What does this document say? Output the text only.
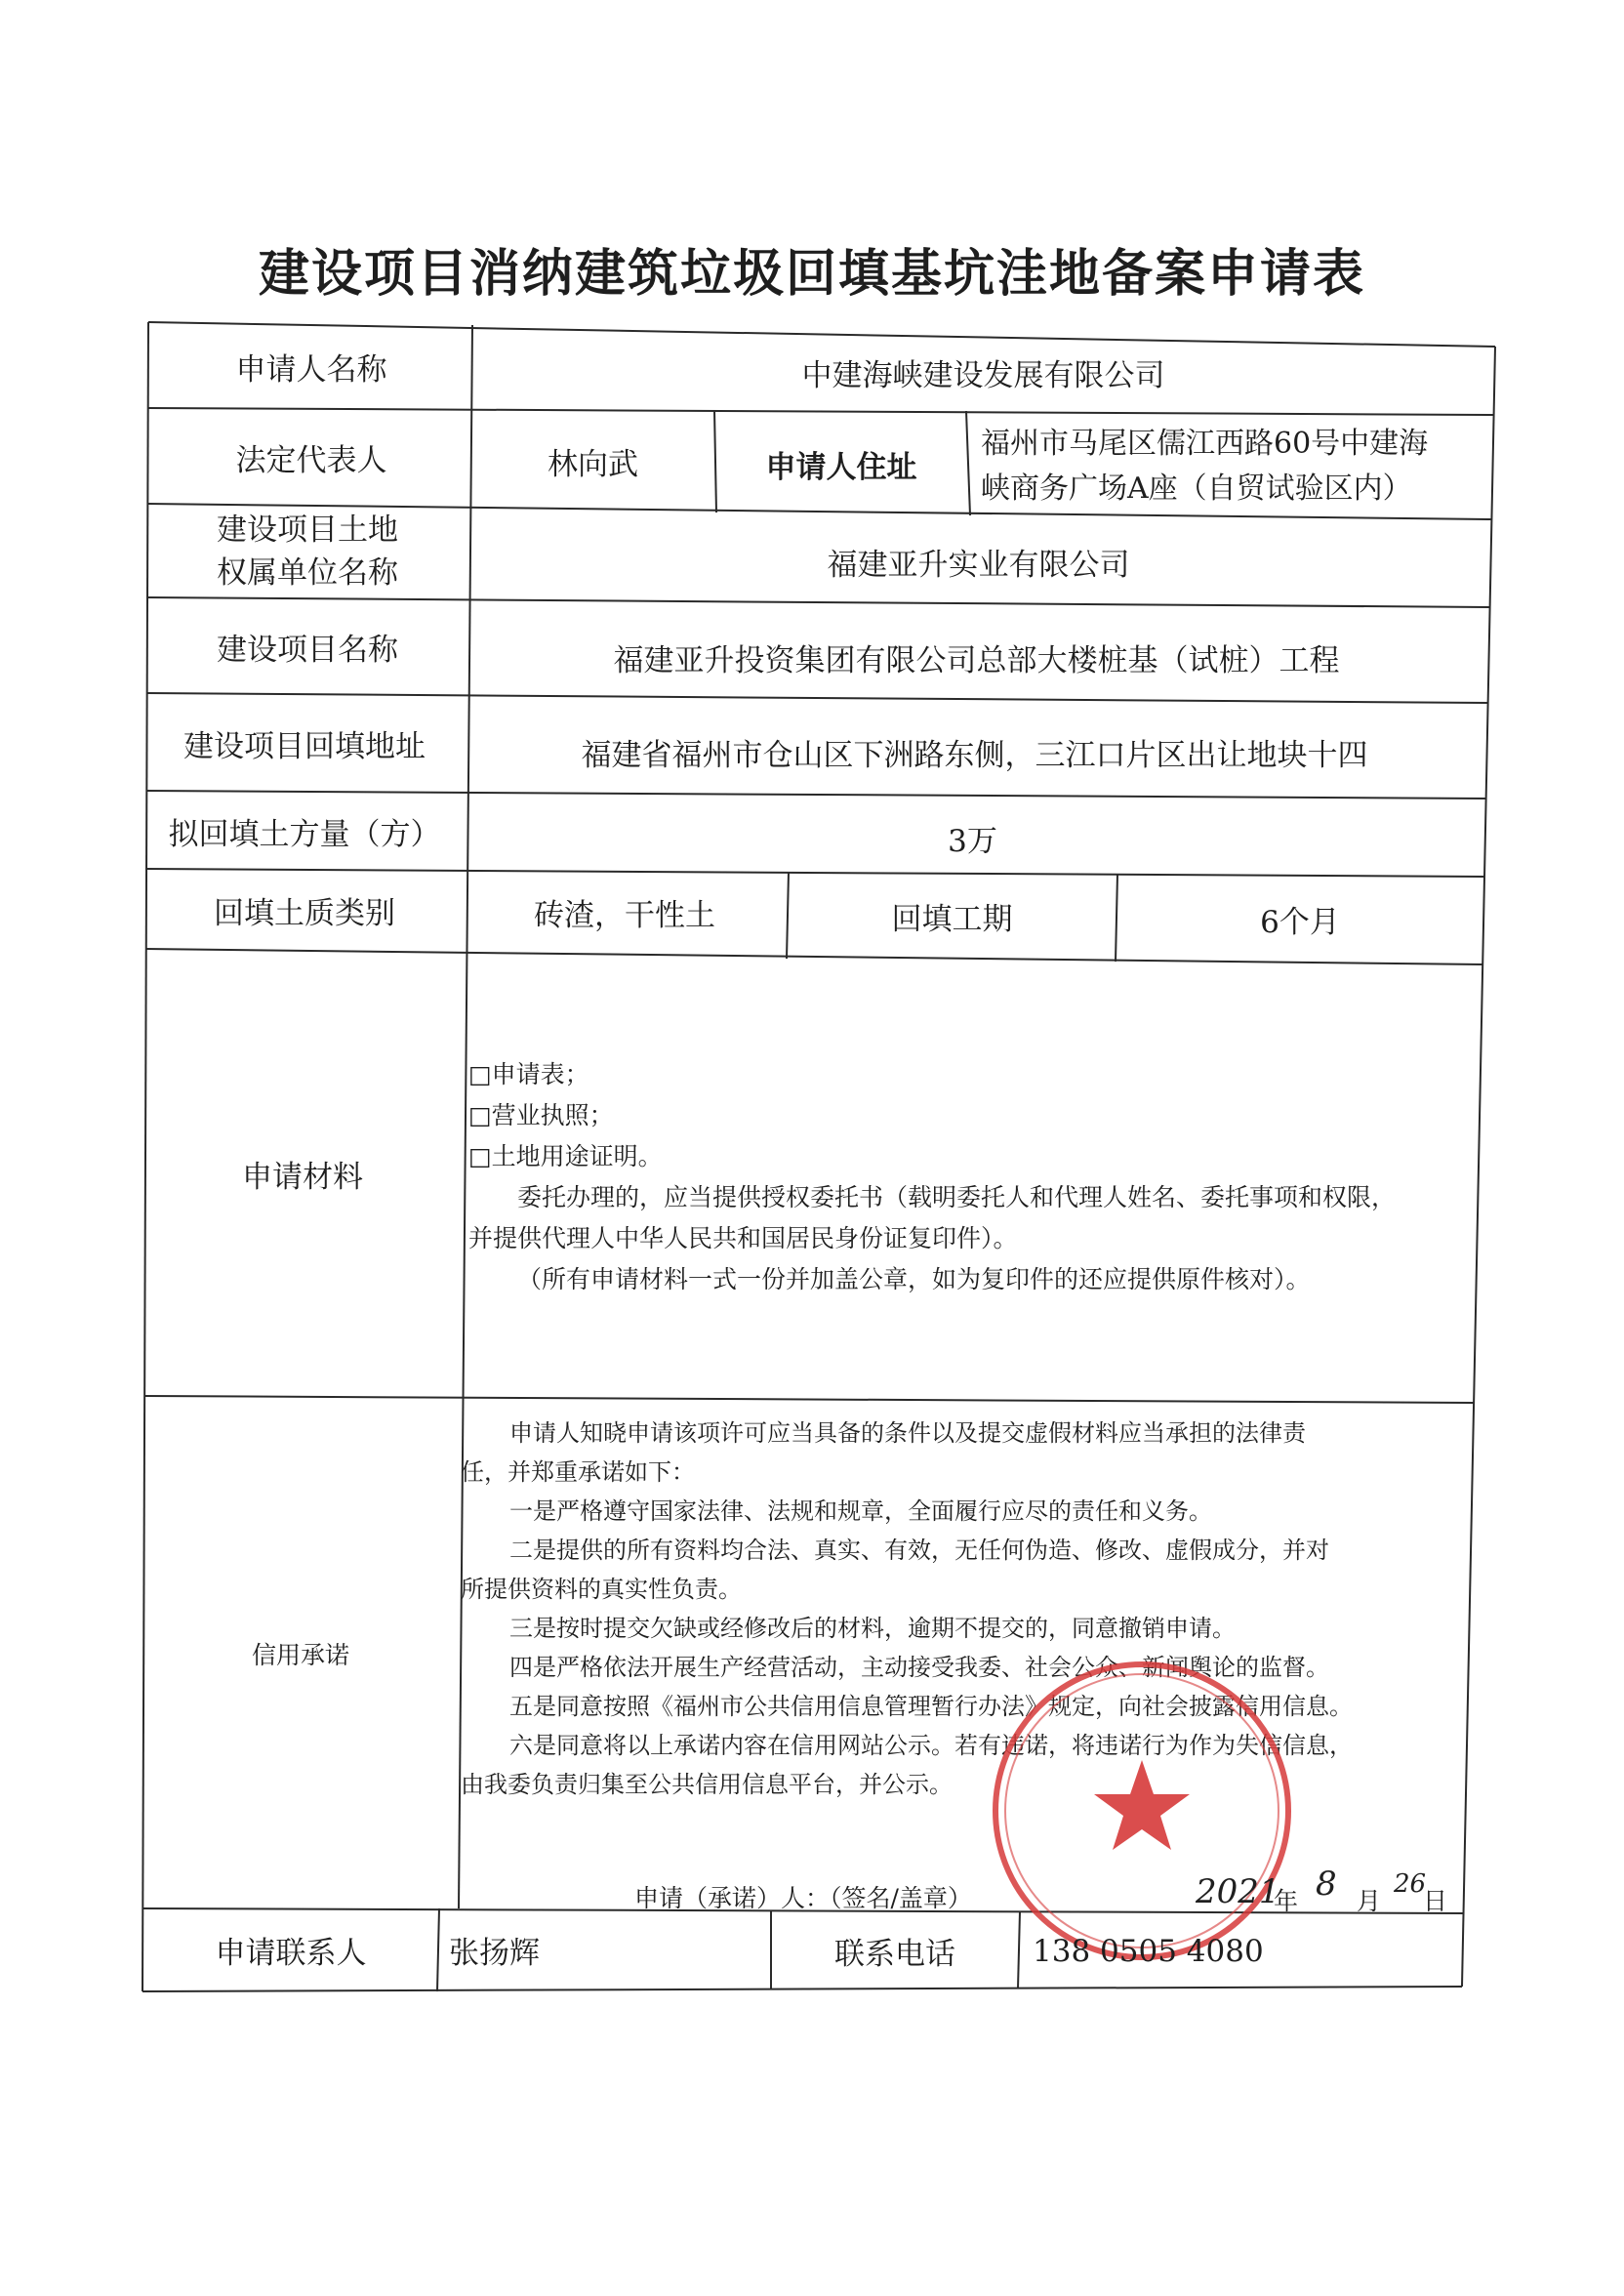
建设项目消纳建筑垃圾回填基坑洼地备案申请表
申请人名称	中建海峡建设发展有限公司
法定代表人	林向武	申请人住址
福州市马尾区儒江西路60号中建海
峡商务广场A座（自贸试验区内）
建设项目土地
权属单位名称	福建亚升实业有限公司
建设项目名称	福建亚升投资集团有限公司总部大楼桩基（试桩）工程
建设项目回填地址	福建省福州市仓山区下洲路东侧，三江口片区出让地块十四
拟回填土方量（方）	3万
回填土质类别	砖渣，干性土	回填工期	6个月
申请材料

□申请表；

□营业执照；

□土地用途证明。

委托办理的，应当提供授权委托书（载明委托人和代理人姓名、委托事项和权限，

并提供代理人中华人民共和国居民身份证复印件）。

（所有申请材料一式一份并加盖公章，如为复印件的还应提供原件核对）。

信用承诺

申请人知晓申请该项许可应当具备的条件以及提交虚假材料应当承担的法律责

任，并郑重承诺如下：

一是严格遵守国家法律、法规和规章，全面履行应尽的责任和义务。

二是提供的所有资料均合法、真实、有效，无任何伪造、修改、虚假成分，并对

所提供资料的真实性负责。

三是按时提交欠缺或经修改后的材料，逾期不提交的，同意撤销申请。

四是严格依法开展生产经营活动，主动接受我委、社会公众、新闻舆论的监督。

五是同意按照《福州市公共信用信息管理暂行办法》规定，向社会披露信用信息。

六是同意将以上承诺内容在信用网站公示。若有违诺，将违诺行为作为失信信息，

由我委负责归集至公共信用信息平台，并公示。

申请（承诺）人：（签名/盖章）	2021
年 8 月
26
日
申请联系人	张扬辉	联系电话	138 0505 4080
